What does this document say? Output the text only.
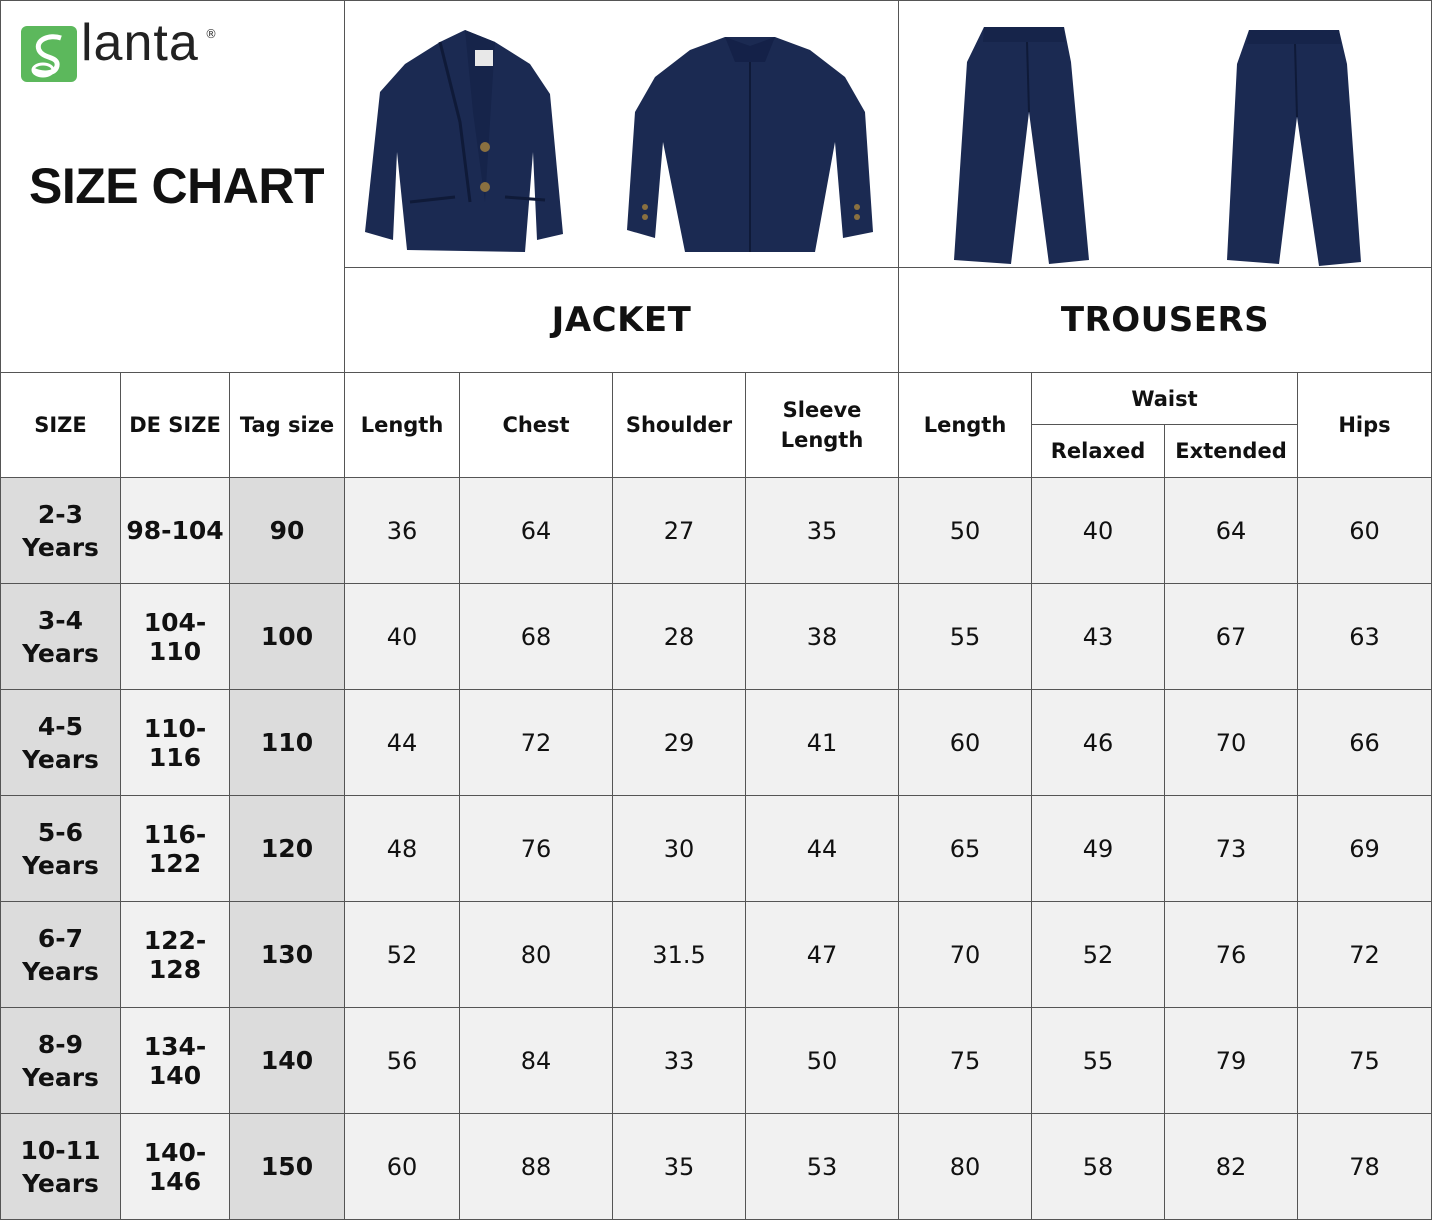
lanta ®
SIZE CHART

			JACKET				TROUSERS			
SIZE	DE SIZE	Tag size	Length	Chest	Shoulder	Sleeve
Length	Length	Waist		Hips
								Relaxed	Extended	

2-3
Years	98-104	90	36	64	27	35	50	40	64	60

3-4
Years	104-110	100	40	68	28	38	55	43	67	63

4-5
Years	110-116	110	44	72	29	41	60	46	70	66

5-6
Years	116-122	120	48	76	30	44	65	49	73	69

6-7
Years	122-128	130	52	80	31.5	47	70	52	76	72

8-9
Years	134-140	140	56	84	33	50	75	55	79	75

10-11
Years	140-146	150	60	88	35	53	80	58	82	78
